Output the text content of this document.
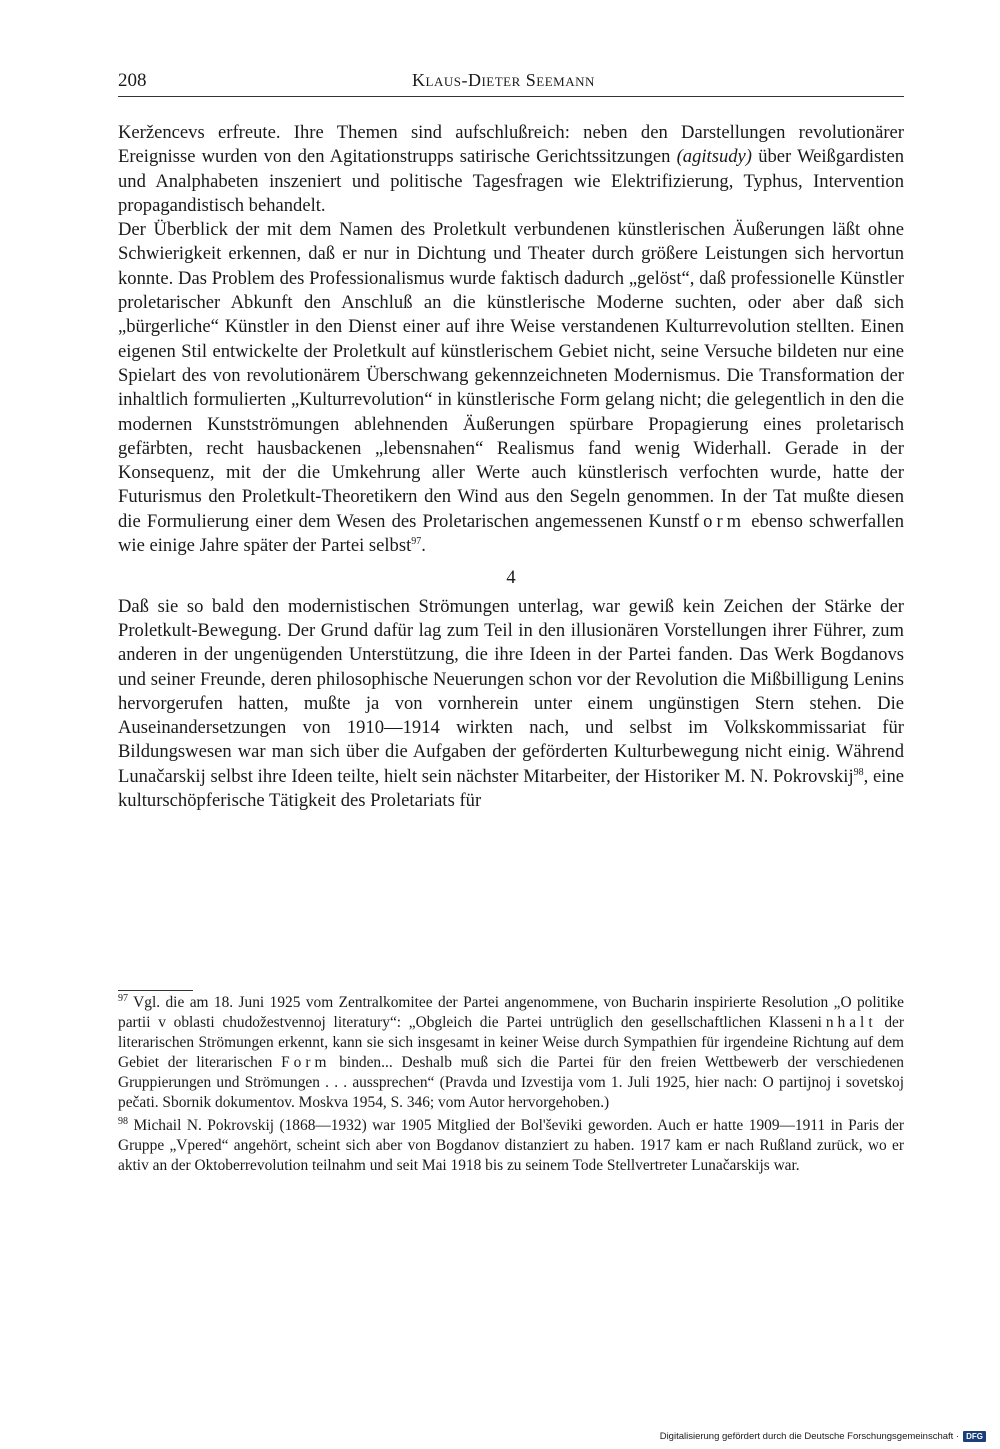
208	Klaus-Dieter Seemann

Keržencevs erfreute. Ihre Themen sind aufschlußreich: neben den Darstellungen revolutionärer Ereignisse wurden von den Agitationstrupps satirische Gerichtssitzungen (agitsudy) über Weißgardisten und Analphabeten inszeniert und politische Tagesfragen wie Elektrifizierung, Typhus, Intervention propagandistisch behandelt.

Der Überblick der mit dem Namen des Proletkult verbundenen künstlerischen Äußerungen läßt ohne Schwierigkeit erkennen, daß er nur in Dichtung und Theater durch größere Leistungen sich hervortun konnte. Das Problem des Professionalismus wurde faktisch dadurch „gelöst“, daß professionelle Künstler proletarischer Abkunft den Anschluß an die künstlerische Moderne suchten, oder aber daß sich „bürgerliche“ Künstler in den Dienst einer auf ihre Weise verstandenen Kulturrevolution stellten. Einen eigenen Stil entwickelte der Proletkult auf künstlerischem Gebiet nicht, seine Versuche bildeten nur eine Spielart des von revolutionärem Überschwang gekennzeichneten Modernismus. Die Transformation der inhaltlich formulierten „Kulturrevolution“ in künstlerische Form gelang nicht; die gelegentlich in den die modernen Kunstströmungen ablehnenden Äußerungen spürbare Propagierung eines proletarisch gefärbten, recht hausbackenen „lebensnahen“ Realismus fand wenig Widerhall. Gerade in der Konsequenz, mit der die Umkehrung aller Werte auch künstlerisch verfochten wurde, hatte der Futurismus den Proletkult-Theoretikern den Wind aus den Segeln genommen. In der Tat mußte diesen die Formulierung einer dem Wesen des Proletarischen angemessenen Kunstform ebenso schwerfallen wie einige Jahre später der Partei selbst$^{97}$.

4

Daß sie so bald den modernistischen Strömungen unterlag, war gewiß kein Zeichen der Stärke der Proletkult-Bewegung. Der Grund dafür lag zum Teil in den illusionären Vorstellungen ihrer Führer, zum anderen in der ungenügenden Unterstützung, die ihre Ideen in der Partei fanden. Das Werk Bogdanovs und seiner Freunde, deren philosophische Neuerungen schon vor der Revolution die Mißbilligung Lenins hervorgerufen hatten, mußte ja von vornherein unter einem ungünstigen Stern stehen. Die Auseinandersetzungen von 1910—1914 wirkten nach, und selbst im Volkskommissariat für Bildungswesen war man sich über die Aufgaben der geförderten Kulturbewegung nicht einig. Während Lunačarskij selbst ihre Ideen teilte, hielt sein nächster Mitarbeiter, der Historiker M. N. Pokrovskij$^{98}$, eine kulturschöpferische Tätigkeit des Proletariats für

$^{97}$ Vgl. die am 18. Juni 1925 vom Zentralkomitee der Partei angenommene, von Bucharin inspirierte Resolution „O politike partii v oblasti chudožestvennoj literatury“: „Obgleich die Partei untrüglich den gesellschaftlichen Klasseninhalt der literarischen Strömungen erkennt, kann sie sich insgesamt in keiner Weise durch Sympathien für irgendeine Richtung auf dem Gebiet der literarischen Form binden... Deshalb muß sich die Partei für den freien Wettbewerb der verschiedenen Gruppierungen und Strömungen . . . aussprechen“ (Pravda und Izvestija vom 1. Juli 1925, hier nach: O partijnoj i sovetskoj pečati. Sbornik dokumentov. Moskva 1954, S. 346; vom Autor hervorgehoben.)

$^{98}$ Michail N. Pokrovskij (1868—1932) war 1905 Mitglied der Bol'ševiki geworden. Auch er hatte 1909—1911 in Paris der Gruppe „Vpered“ angehört, scheint sich aber von Bogdanov distanziert zu haben. 1917 kam er nach Rußland zurück, wo er aktiv an der Oktoberrevolution teilnahm und seit Mai 1918 bis zu seinem Tode Stellvertreter Lunačarskijs war.

Digitalisierung gefördert durch die Deutsche Forschungsgemeinschaft · DFG
